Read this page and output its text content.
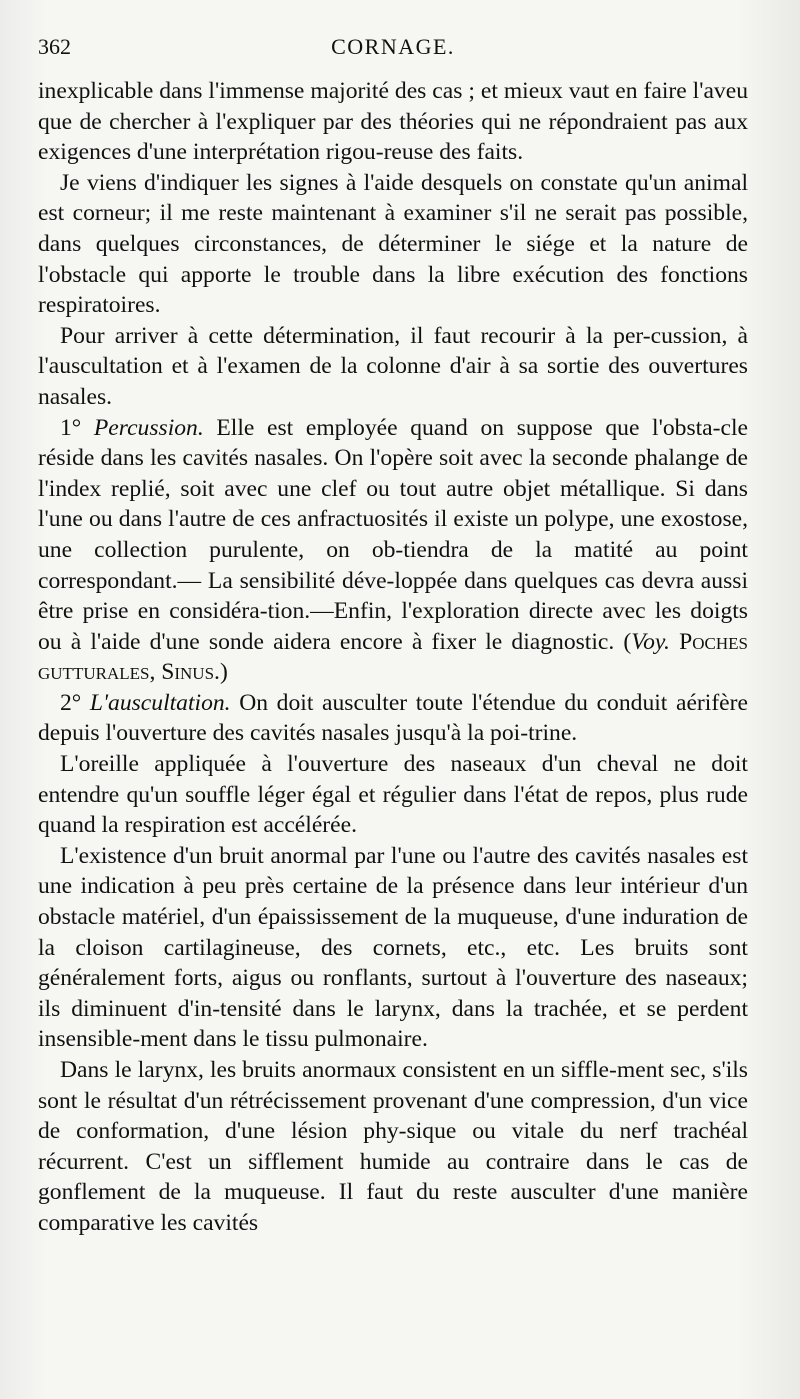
362	CORNAGE.

inexplicable dans l'immense majorité des cas ; et mieux vaut en faire l'aveu que de chercher à l'expliquer par des théories qui ne répondraient pas aux exigences d'une interprétation rigou-reuse des faits.

Je viens d'indiquer les signes à l'aide desquels on constate qu'un animal est corneur; il me reste maintenant à examiner s'il ne serait pas possible, dans quelques circonstances, de déterminer le siége et la nature de l'obstacle qui apporte le trouble dans la libre exécution des fonctions respiratoires.

Pour arriver à cette détermination, il faut recourir à la per-cussion, à l'auscultation et à l'examen de la colonne d'air à sa sortie des ouvertures nasales.

1° Percussion. Elle est employée quand on suppose que l'obsta-cle réside dans les cavités nasales. On l'opère soit avec la seconde phalange de l'index replié, soit avec une clef ou tout autre objet métallique. Si dans l'une ou dans l'autre de ces anfractuosités il existe un polype, une exostose, une collection purulente, on ob-tiendra de la matité au point correspondant.— La sensibilité déve-loppée dans quelques cas devra aussi être prise en considéra-tion.—Enfin, l'exploration directe avec les doigts ou à l'aide d'une sonde aidera encore à fixer le diagnostic. (Voy. Poches gutturales, Sinus.)

2° L'auscultation. On doit ausculter toute l'étendue du conduit aérifère depuis l'ouverture des cavités nasales jusqu'à la poi-trine.

L'oreille appliquée à l'ouverture des naseaux d'un cheval ne doit entendre qu'un souffle léger égal et régulier dans l'état de repos, plus rude quand la respiration est accélérée.

L'existence d'un bruit anormal par l'une ou l'autre des cavités nasales est une indication à peu près certaine de la présence dans leur intérieur d'un obstacle matériel, d'un épaississement de la muqueuse, d'une induration de la cloison cartilagineuse, des cornets, etc., etc. Les bruits sont généralement forts, aigus ou ronflants, surtout à l'ouverture des naseaux; ils diminuent d'in-tensité dans le larynx, dans la trachée, et se perdent insensible-ment dans le tissu pulmonaire.

Dans le larynx, les bruits anormaux consistent en un siffle-ment sec, s'ils sont le résultat d'un rétrécissement provenant d'une compression, d'un vice de conformation, d'une lésion phy-sique ou vitale du nerf trachéal récurrent. C'est un sifflement humide au contraire dans le cas de gonflement de la muqueuse. Il faut du reste ausculter d'une manière comparative les cavités
